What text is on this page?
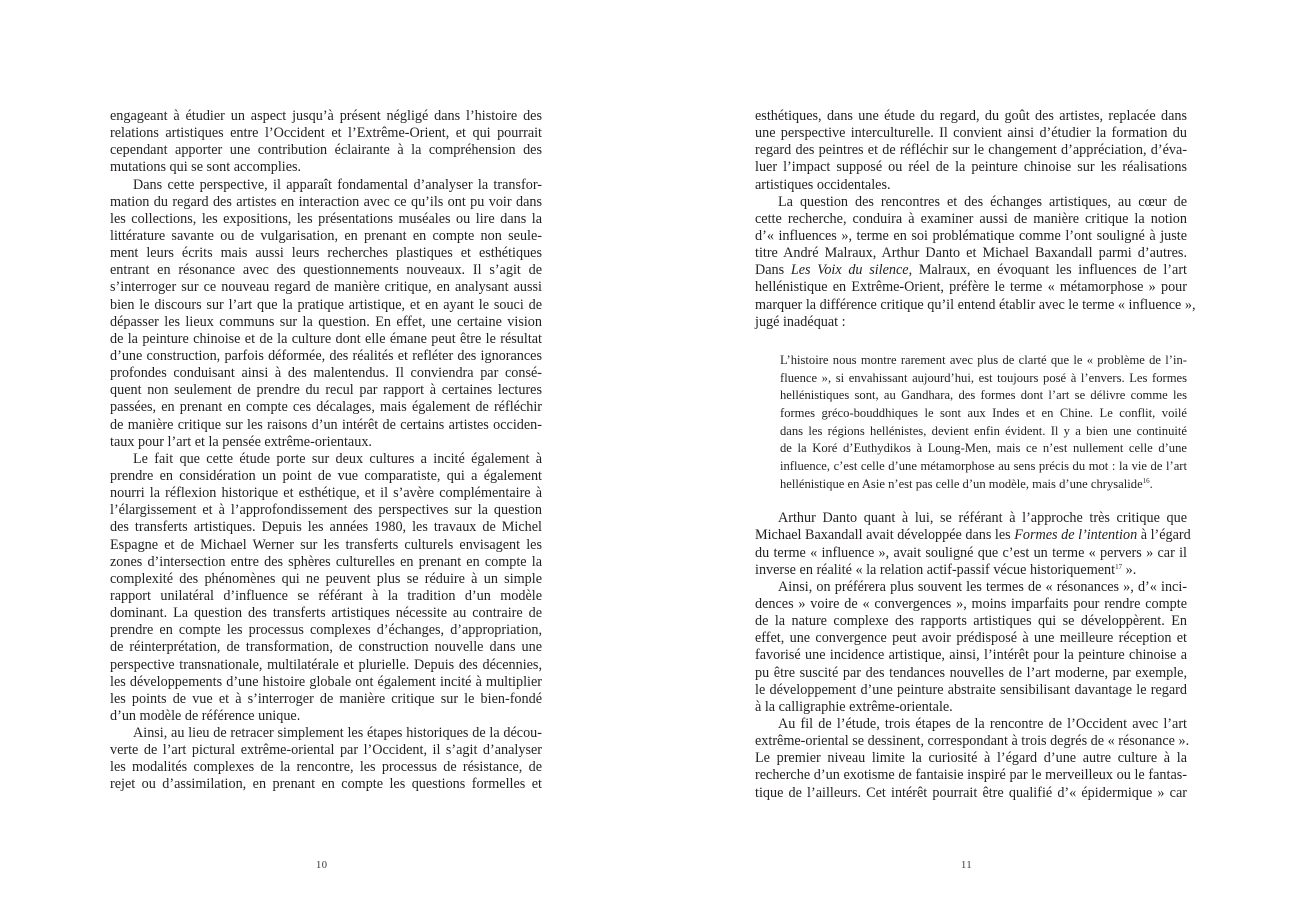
engageant à étudier un aspect jusqu’à présent négligé dans l’histoire des
relations artistiques entre l’Occident et l’Extrême-Orient, et qui pourrait
cependant apporter une contribution éclairante à la compréhension des
mutations qui se sont accomplies.
Dans cette perspective, il apparaît fondamental d’analyser la transfor-
mation du regard des artistes en interaction avec ce qu’ils ont pu voir dans
les collections, les expositions, les présentations muséales ou lire dans la
littérature savante ou de vulgarisation, en prenant en compte non seule-
ment leurs écrits mais aussi leurs recherches plastiques et esthétiques
entrant en résonance avec des questionnements nouveaux. Il s’agit de
s’interroger sur ce nouveau regard de manière critique, en analysant aussi
bien le discours sur l’art que la pratique artistique, et en ayant le souci de
dépasser les lieux communs sur la question. En effet, une certaine vision
de la peinture chinoise et de la culture dont elle émane peut être le résultat
d’une construction, parfois déformée, des réalités et refléter des ignorances
profondes conduisant ainsi à des malentendus. Il conviendra par consé-
quent non seulement de prendre du recul par rapport à certaines lectures
passées, en prenant en compte ces décalages, mais également de réfléchir
de manière critique sur les raisons d’un intérêt de certains artistes occiden-
taux pour l’art et la pensée extrême-orientaux.
Le fait que cette étude porte sur deux cultures a incité également à
prendre en considération un point de vue comparatiste, qui a également
nourri la réflexion historique et esthétique, et il s’avère complémentaire à
l’élargissement et à l’approfondissement des perspectives sur la question
des transferts artistiques. Depuis les années 1980, les travaux de Michel
Espagne et de Michael Werner sur les transferts culturels envisagent les
zones d’intersection entre des sphères culturelles en prenant en compte la
complexité des phénomènes qui ne peuvent plus se réduire à un simple
rapport unilatéral d’influence se référant à la tradition d’un modèle
dominant. La question des transferts artistiques nécessite au contraire de
prendre en compte les processus complexes d’échanges, d’appropriation,
de réinterprétation, de transformation, de construction nouvelle dans une
perspective transnationale, multilatérale et plurielle. Depuis des décennies,
les développements d’une histoire globale ont également incité à multiplier
les points de vue et à s’interroger de manière critique sur le bien-fondé
d’un modèle de référence unique.
Ainsi, au lieu de retracer simplement les étapes historiques de la décou-
verte de l’art pictural extrême-oriental par l’Occident, il s’agit d’analyser
les modalités complexes de la rencontre, les processus de résistance, de
rejet ou d’assimilation, en prenant en compte les questions formelles et
esthétiques, dans une étude du regard, du goût des artistes, replacée dans
une perspective interculturelle. Il convient ainsi d’étudier la formation du
regard des peintres et de réfléchir sur le changement d’appréciation, d’éva-
luer l’impact supposé ou réel de la peinture chinoise sur les réalisations
artistiques occidentales.
La question des rencontres et des échanges artistiques, au cœur de
cette recherche, conduira à examiner aussi de manière critique la notion
d’« influences », terme en soi problématique comme l’ont souligné à juste
titre André Malraux, Arthur Danto et Michael Baxandall parmi d’autres.
Dans Les Voix du silence, Malraux, en évoquant les influences de l’art
hellénistique en Extrême-Orient, préfère le terme « métamorphose » pour
marquer la différence critique qu’il entend établir avec le terme « influence »,
jugé inadéquat :
L’histoire nous montre rarement avec plus de clarté que le « problème de l’in-
fluence », si envahissant aujourd’hui, est toujours posé à l’envers. Les formes
hellénistiques sont, au Gandhara, des formes dont l’art se délivre comme les
formes gréco-bouddhiques le sont aux Indes et en Chine. Le conflit, voilé
dans les régions hellénistes, devient enfin évident. Il y a bien une continuité
de la Koré d’Euthydikos à Loung-Men, mais ce n’est nullement celle d’une
influence, c’est celle d’une métamorphose au sens précis du mot : la vie de l’art
hellénistique en Asie n’est pas celle d’un modèle, mais d’une chrysalide$^{16}$.
Arthur Danto quant à lui, se référant à l’approche très critique que
Michael Baxandall avait développée dans les Formes de l’intention à l’égard
du terme « influence », avait souligné que c’est un terme « pervers » car il
inverse en réalité « la relation actif-passif vécue historiquement$^{17}$ ».
Ainsi, on préférera plus souvent les termes de « résonances », d’« inci-
dences » voire de « convergences », moins imparfaits pour rendre compte
de la nature complexe des rapports artistiques qui se développèrent. En
effet, une convergence peut avoir prédisposé à une meilleure réception et
favorisé une incidence artistique, ainsi, l’intérêt pour la peinture chinoise a
pu être suscité par des tendances nouvelles de l’art moderne, par exemple,
le développement d’une peinture abstraite sensibilisant davantage le regard
à la calligraphie extrême-orientale.
Au fil de l’étude, trois étapes de la rencontre de l’Occident avec l’art
extrême-oriental se dessinent, correspondant à trois degrés de « résonance ».
Le premier niveau limite la curiosité à l’égard d’une autre culture à la
recherche d’un exotisme de fantaisie inspiré par le merveilleux ou le fantas-
tique de l’ailleurs. Cet intérêt pourrait être qualifié d’« épidermique » car
10	11
